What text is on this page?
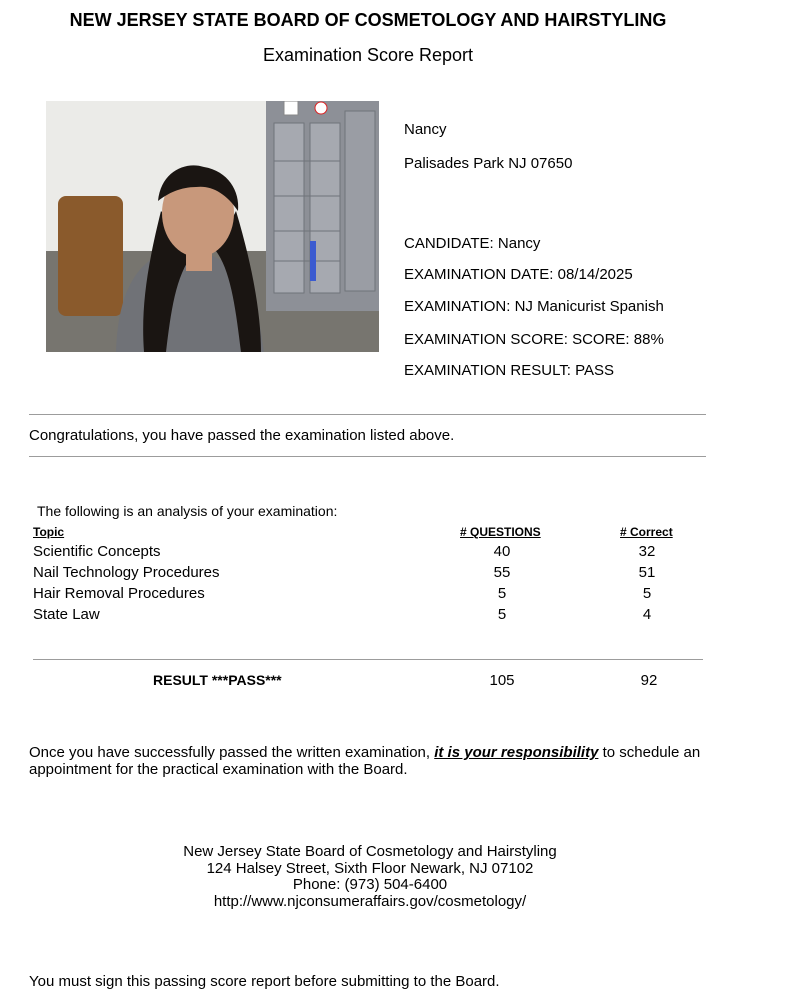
NEW JERSEY STATE BOARD OF COSMETOLOGY AND HAIRSTYLING
Examination Score Report
Nancy
Palisades Park NJ 07650
CANDIDATE: Nancy
EXAMINATION DATE: 08/14/2025
EXAMINATION: NJ Manicurist Spanish
EXAMINATION SCORE: SCORE: 88%
EXAMINATION RESULT: PASS
Congratulations, you have passed the examination listed above.
The following is an analysis of your examination:
Topic	# QUESTIONS	# Correct
Scientific Concepts	40	32
Nail Technology Procedures	55	51
Hair Removal Procedures	5	5
State Law	5	4
RESULT ***PASS***	105	92
Once you have successfully passed the written examination, it is your responsibility to schedule an appointment for the practical examination with the Board.
New Jersey State Board of Cosmetology and Hairstyling
124 Halsey Street, Sixth Floor Newark, NJ 07102
Phone: (973) 504-6400
http://www.njconsumeraffairs.gov/cosmetology/
You must sign this passing score report before submitting to the Board.
